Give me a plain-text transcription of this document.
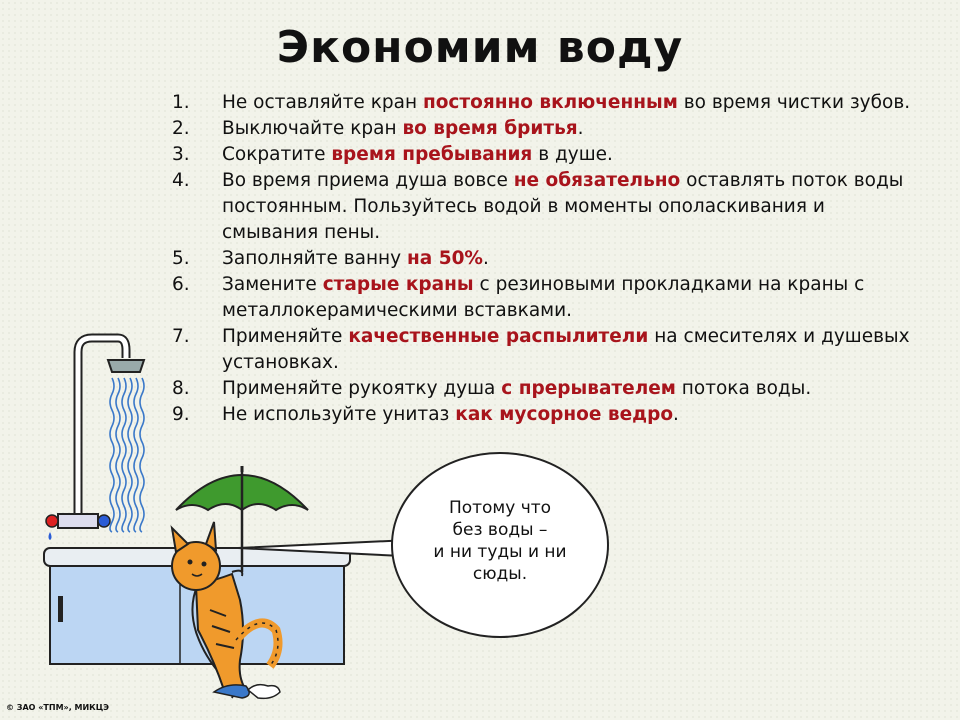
Экономим воду
1.	Не оставляйте кран постоянно включенным во время чистки зубов.
2.	Выключайте кран во время бритья.
3.	Сократите время пребывания в душе.
4.	Во время приема душа вовсе не обязательно оставлять поток воды постоянным. Пользуйтесь водой в моменты ополаскивания и смывания пены.
5.	Заполняйте ванну на 50%.
6.	Замените старые краны с резиновыми прокладками на краны с металлокерамическими вставками.
7.	Применяйте качественные распылители на смесителях и душевых установках.
8.	Применяйте рукоятку душа с прерывателем потока воды.
9.	Не используйте унитаз как мусорное ведро.
Потому что
без воды –
и ни туды и ни
сюды.
© ЗАО «ТПМ», МИКЦЭ
